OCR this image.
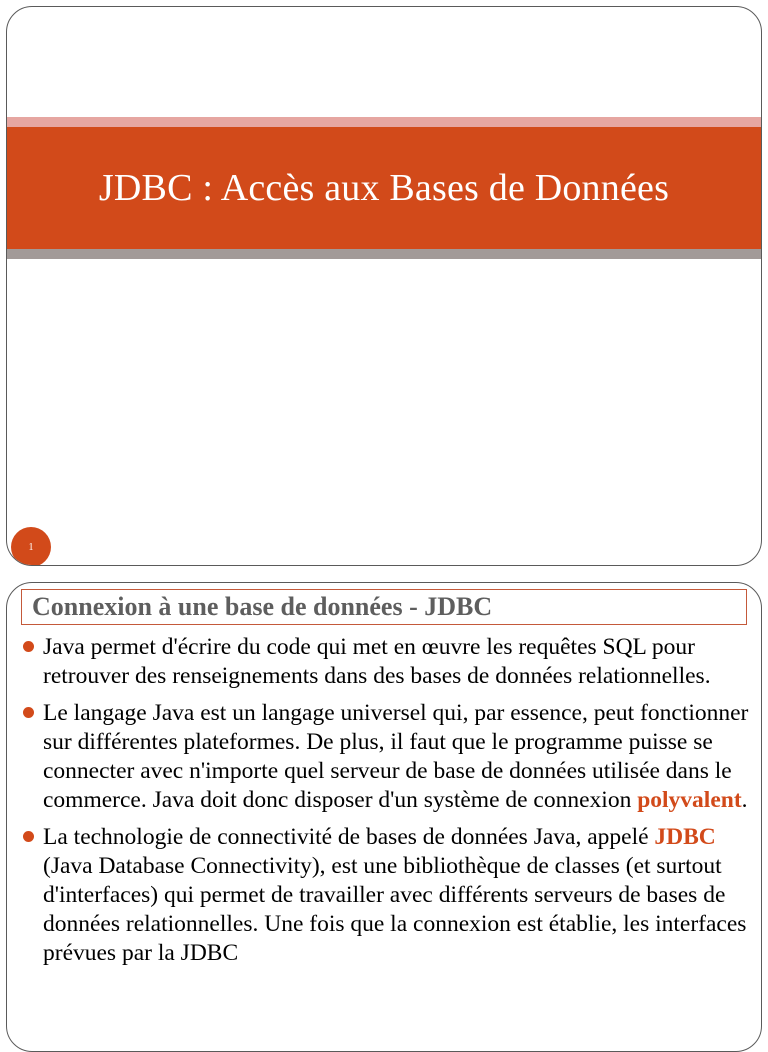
JDBC : Accès aux Bases de Données
1
Connexion à une base de données - JDBC
Java permet d'écrire du code qui met en œuvre les requêtes SQL pour retrouver des renseignements dans des bases de données relationnelles.
Le langage Java est un langage universel qui, par essence, peut fonctionner sur différentes plateformes. De plus, il faut que le programme puisse se connecter avec n'importe quel serveur de base de données utilisée dans le commerce. Java doit donc disposer d'un système de connexion polyvalent.
La technologie de connectivité de bases de données Java, appelé JDBC (Java Database Connectivity), est une bibliothèque de classes (et surtout d'interfaces) qui permet de travailler avec différents serveurs de bases de données relationnelles. Une fois que la connexion est établie, les interfaces prévues par la JDBC
